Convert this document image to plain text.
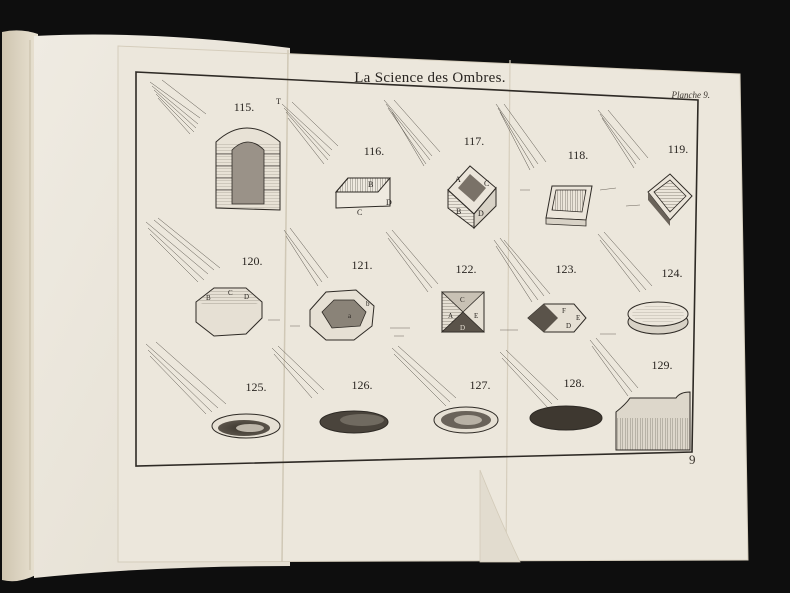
B
C
D
A	C
B D
B
C D
a
b	C
A	E
D
F
E
D
T
La Science des Ombres.
Planche 9.
9
115.
116.
117.
118.	119.
120.	121.	122.	123.	124.
125.	126.	127.	128.
129.
